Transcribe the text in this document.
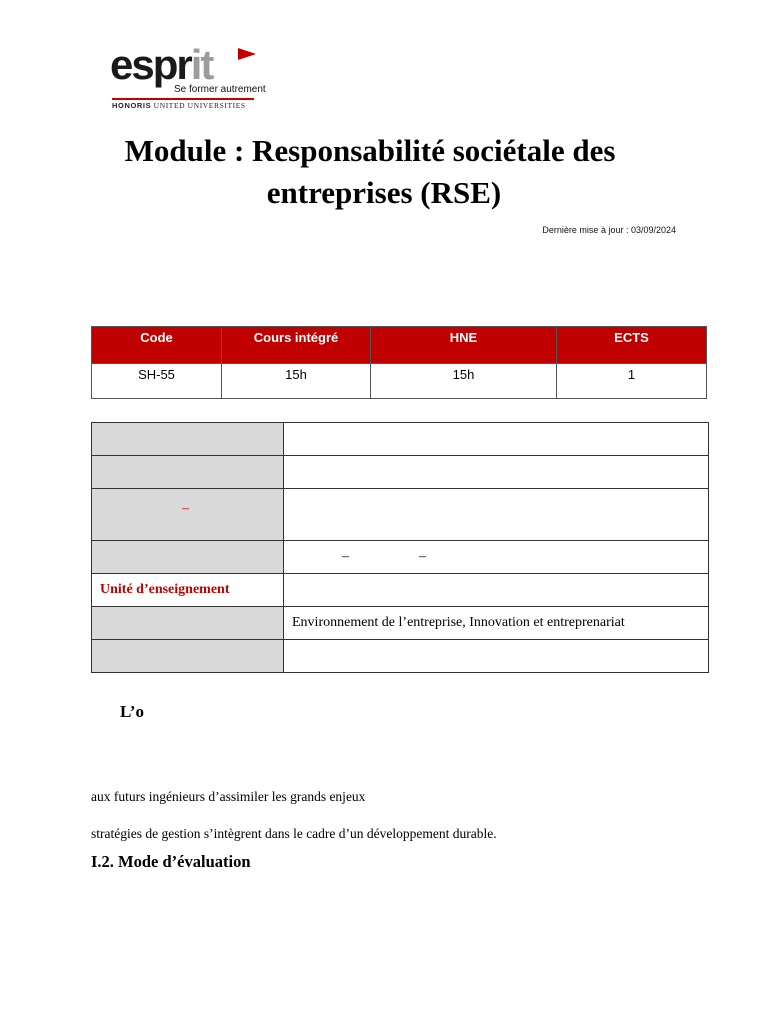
esprit
Se former autrement
HONORIS UNITED UNIVERSITIES
Module : Responsabilité sociétale des
entreprises (RSE)
Dernière mise à jour : 03/09/2024
Code	Cours intégré	HNE	ECTS
SH-55	15h	15h	1

–	
	– –
Unité d’enseignement	
	Environnement de l’entreprise, Innovation et entreprenariat

L’o
aux futurs ingénieurs d’assimiler les grands enjeux
stratégies de gestion s’intègrent dans le cadre d’un développement durable.
I.2. Mode d’évaluation
